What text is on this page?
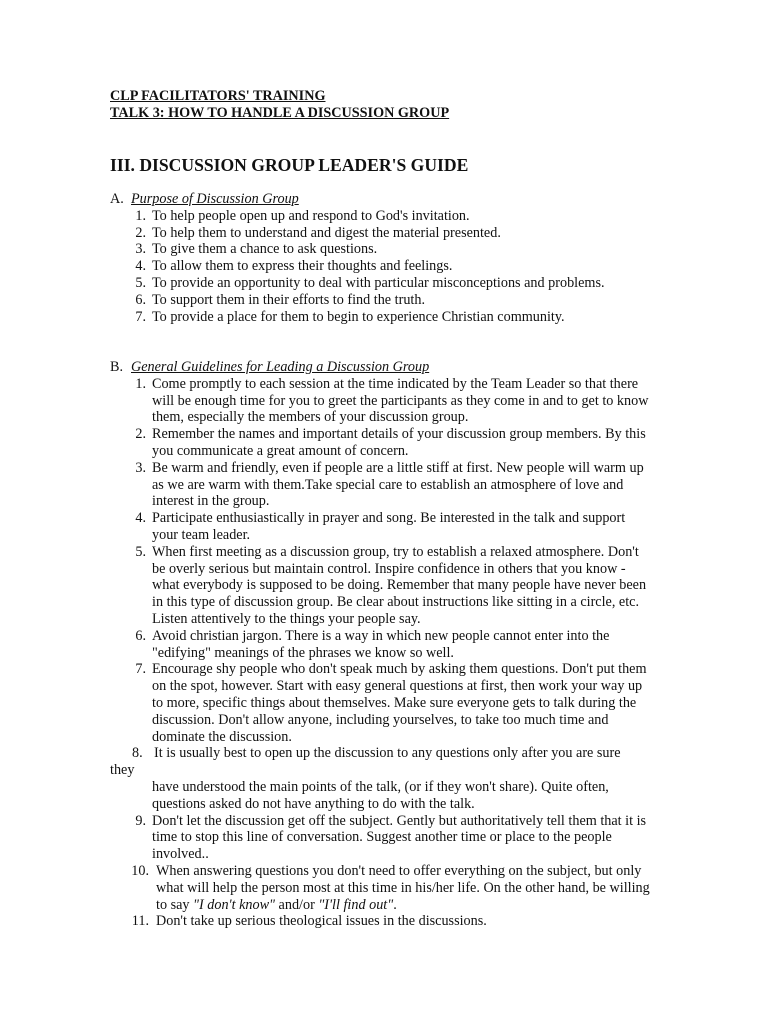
CLP FACILITATORS' TRAINING
TALK 3: HOW TO HANDLE A DISCUSSION GROUP
III. DISCUSSION GROUP LEADER'S GUIDE
A. Purpose of Discussion Group
1. To help people open up and respond to God's invitation.
2. To help them to understand and digest the material presented.
3. To give them a chance to ask questions.
4. To allow them to express their thoughts and feelings.
5. To provide an opportunity to deal with particular misconceptions and problems.
6. To support them in their efforts to find the truth.
7. To provide a place for them to begin to experience Christian community.
B. General Guidelines for Leading a Discussion Group
1. Come promptly to each session at the time indicated by the Team Leader so that there
will be enough time for you to greet the participants as they come in and to get to know
them, especially the members of your discussion group.
2. Remember the names and important details of your discussion group members. By this
you communicate a great amount of concern.
3. Be warm and friendly, even if people are a little stiff at first. New people will warm up
as we are warm with them.Take special care to establish an atmosphere of love and
interest in the group.
4. Participate enthusiastically in prayer and song. Be interested in the talk and support
your team leader.
5. When first meeting as a discussion group, try to establish a relaxed atmosphere. Don't
be overly serious but maintain control. Inspire confidence in others that you know -
what everybody is supposed to be doing. Remember that many people have never been
in this type of discussion group. Be clear about instructions like sitting in a circle, etc.
Listen attentively to the things your people say.
6. Avoid christian jargon. There is a way in which new people cannot enter into the
"edifying" meanings of the phrases we know so well.
7. Encourage shy people who don't speak much by asking them questions. Don't put them
on the spot, however. Start with easy general questions at first, then work your way up
to more, specific things about themselves. Make sure everyone gets to talk during the
discussion. Don't allow anyone, including yourselves, to take too much time and
dominate the discussion.
8. It is usually best to open up the discussion to any questions only after you are sure
they
have understood the main points of the talk, (or if they won't share). Quite often,
questions asked do not have anything to do with the talk.
9. Don't let the discussion get off the subject. Gently but authoritatively tell them that it is
time to stop this line of conversation. Suggest another time or place to the people
involved..
10. When answering questions you don't need to offer everything on the subject, but only
what will help the person most at this time in his/her life. On the other hand, be willing
to say "I don't know" and/or "I'll find out".
11. Don't take up serious theological issues in the discussions.
